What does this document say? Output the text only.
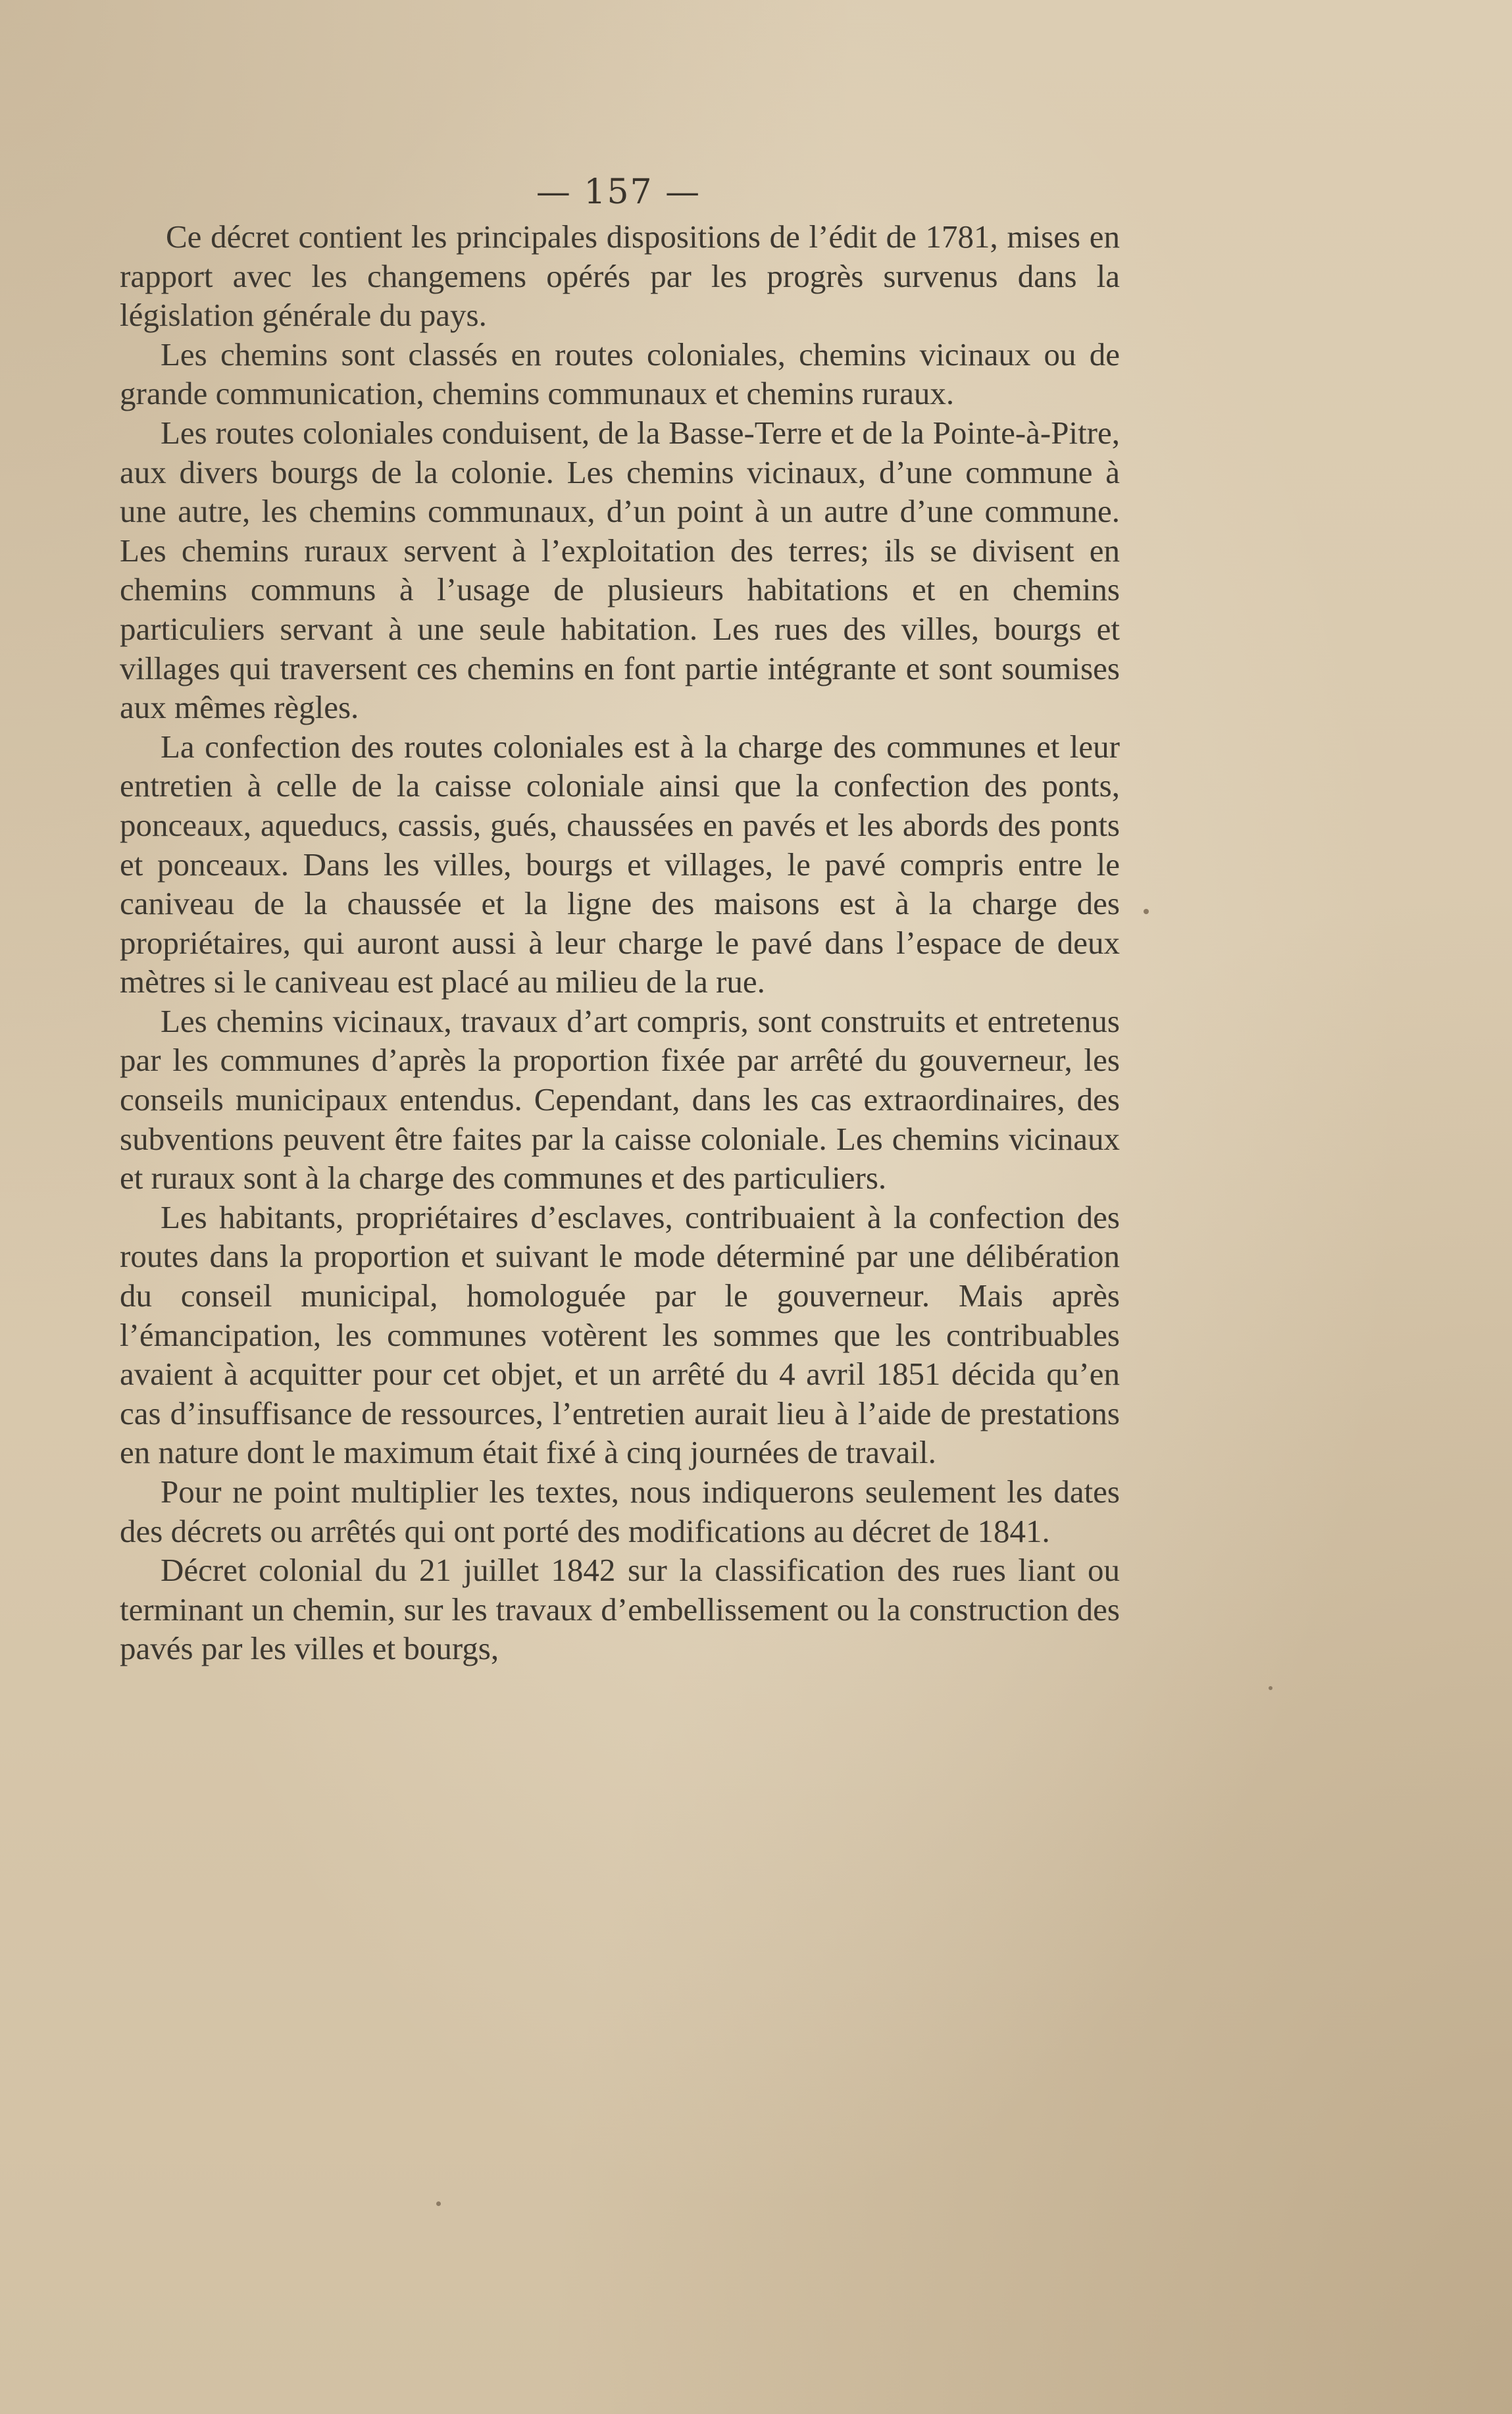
— 157 —

Ce décret contient les principales dispositions de l’édit de 1781, mises en rapport avec les changemens opérés par les progrès survenus dans la législation générale du pays.

Les chemins sont classés en routes coloniales, chemins vicinaux ou de grande communication, chemins communaux et chemins ruraux.

Les routes coloniales conduisent, de la Basse-Terre et de la Pointe-à-Pitre, aux divers bourgs de la colonie. Les chemins vicinaux, d’une commune à une autre, les chemins communaux, d’un point à un autre d’une commune. Les chemins ruraux servent à l’exploitation des terres; ils se divisent en chemins communs à l’usage de plusieurs habitations et en chemins particuliers servant à une seule habitation. Les rues des villes, bourgs et villages qui traversent ces chemins en font partie intégrante et sont soumises aux mêmes règles.

La confection des routes coloniales est à la charge des communes et leur entretien à celle de la caisse coloniale ainsi que la confection des ponts, ponceaux, aqueducs, cassis, gués, chaussées en pavés et les abords des ponts et ponceaux. Dans les villes, bourgs et villages, le pavé compris entre le caniveau de la chaussée et la ligne des maisons est à la charge des propriétaires, qui auront aussi à leur charge le pavé dans l’espace de deux mètres si le caniveau est placé au milieu de la rue.

Les chemins vicinaux, travaux d’art compris, sont construits et entretenus par les communes d’après la proportion fixée par arrêté du gouverneur, les conseils municipaux entendus. Cependant, dans les cas extraordinaires, des subventions peuvent être faites par la caisse coloniale. Les chemins vicinaux et ruraux sont à la charge des communes et des particuliers.

Les habitants, propriétaires d’esclaves, contribuaient à la confection des routes dans la proportion et suivant le mode déterminé par une délibération du conseil municipal, homologuée par le gouverneur. Mais après l’émancipation, les communes votèrent les sommes que les contribuables avaient à acquitter pour cet objet, et un arrêté du 4 avril 1851 décida qu’en cas d’insuffisance de ressources, l’entretien aurait lieu à l’aide de prestations en nature dont le maximum était fixé à cinq journées de travail.

Pour ne point multiplier les textes, nous indiquerons seulement les dates des décrets ou arrêtés qui ont porté des modifications au décret de 1841.

Décret colonial du 21 juillet 1842 sur la classification des rues liant ou terminant un chemin, sur les travaux d’embellissement ou la construction des pavés par les villes et bourgs,
